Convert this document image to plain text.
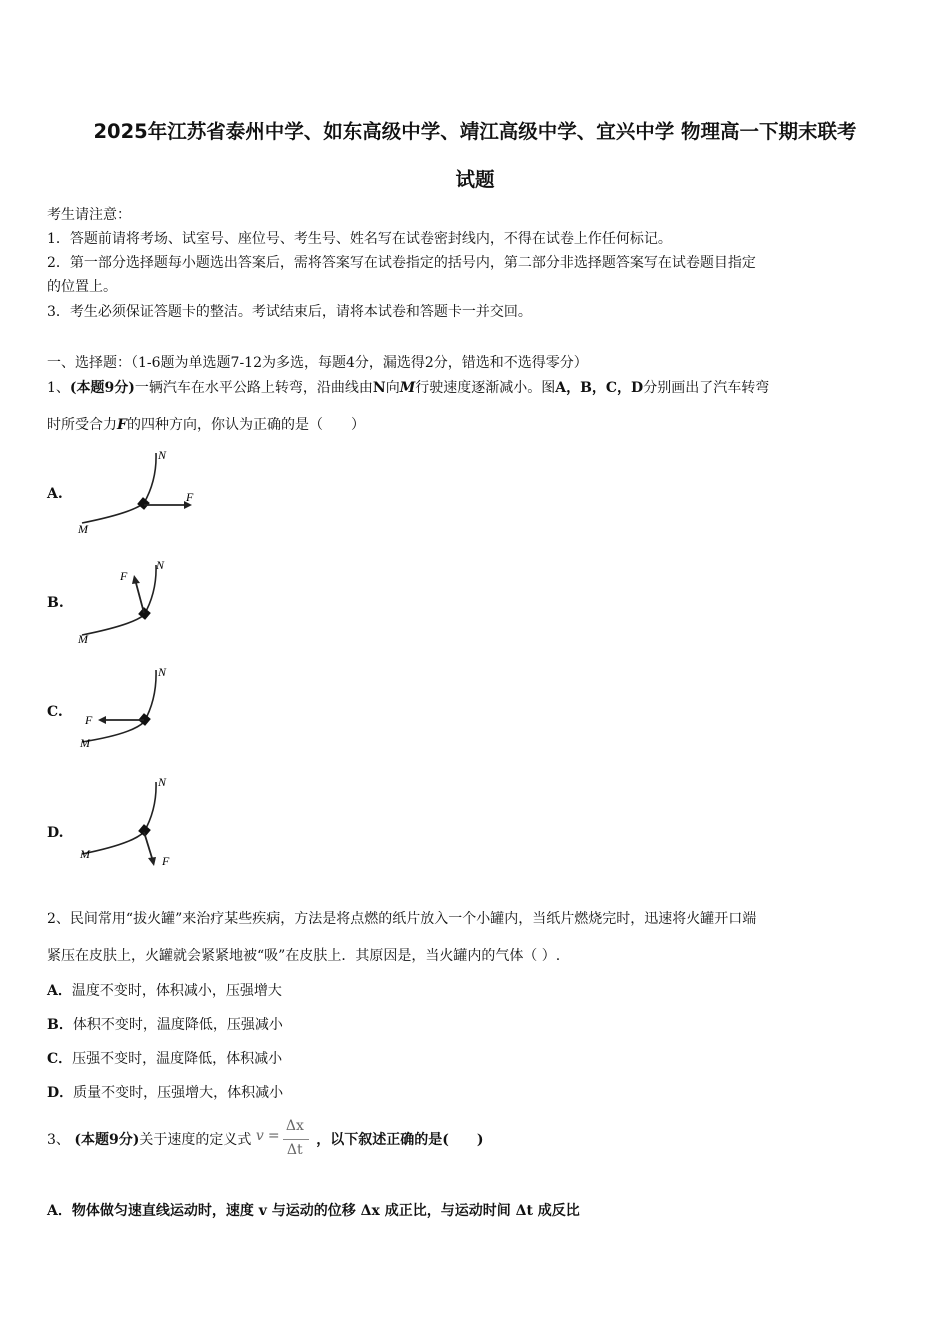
2025年江苏省泰州中学、如东高级中学、靖江高级中学、宜兴中学 物理高一下期末联考
试题
考生请注意：
1．答题前请将考场、试室号、座位号、考生号、姓名写在试卷密封线内，不得在试卷上作任何标记。
2．第一部分选择题每小题选出答案后，需将答案写在试卷指定的括号内，第二部分非选择题答案写在试卷题目指定
的位置上。
3．考生必须保证答题卡的整洁。考试结束后，请将本试卷和答题卡一并交回。
一、选择题：（1-6题为单选题7-12为多选，每题4分，漏选得2分，错选和不选得零分）
1、(本题9分)一辆汽车在水平公路上转弯，沿曲线由N向M行驶速度逐渐减小。图A，B，C，D分别画出了汽车转弯
时所受合力F的四种方向，你认为正确的是（　　）
A.
M
N
F
B.
M
N
F
C.
M
N
F
D.
M
N
F
2、民间常用“拔火罐”来治疗某些疾病，方法是将点燃的纸片放入一个小罐内，当纸片燃烧完时，迅速将火罐开口端
紧压在皮肤上，火罐就会紧紧地被“吸”在皮肤上．其原因是，当火罐内的气体（ ）.
A．温度不变时，体积减小，压强增大
B．体积不变时，温度降低，压强减小
C．压强不变时，温度降低，体积减小
D．质量不变时，压强增大，体积减小
3、 (本题9分)关于速度的定义式 v =
Δx
Δt
，以下叙述正确的是(　　)
A．物体做匀速直线运动时，速度 v 与运动的位移 Δx 成正比，与运动时间 Δt 成反比
